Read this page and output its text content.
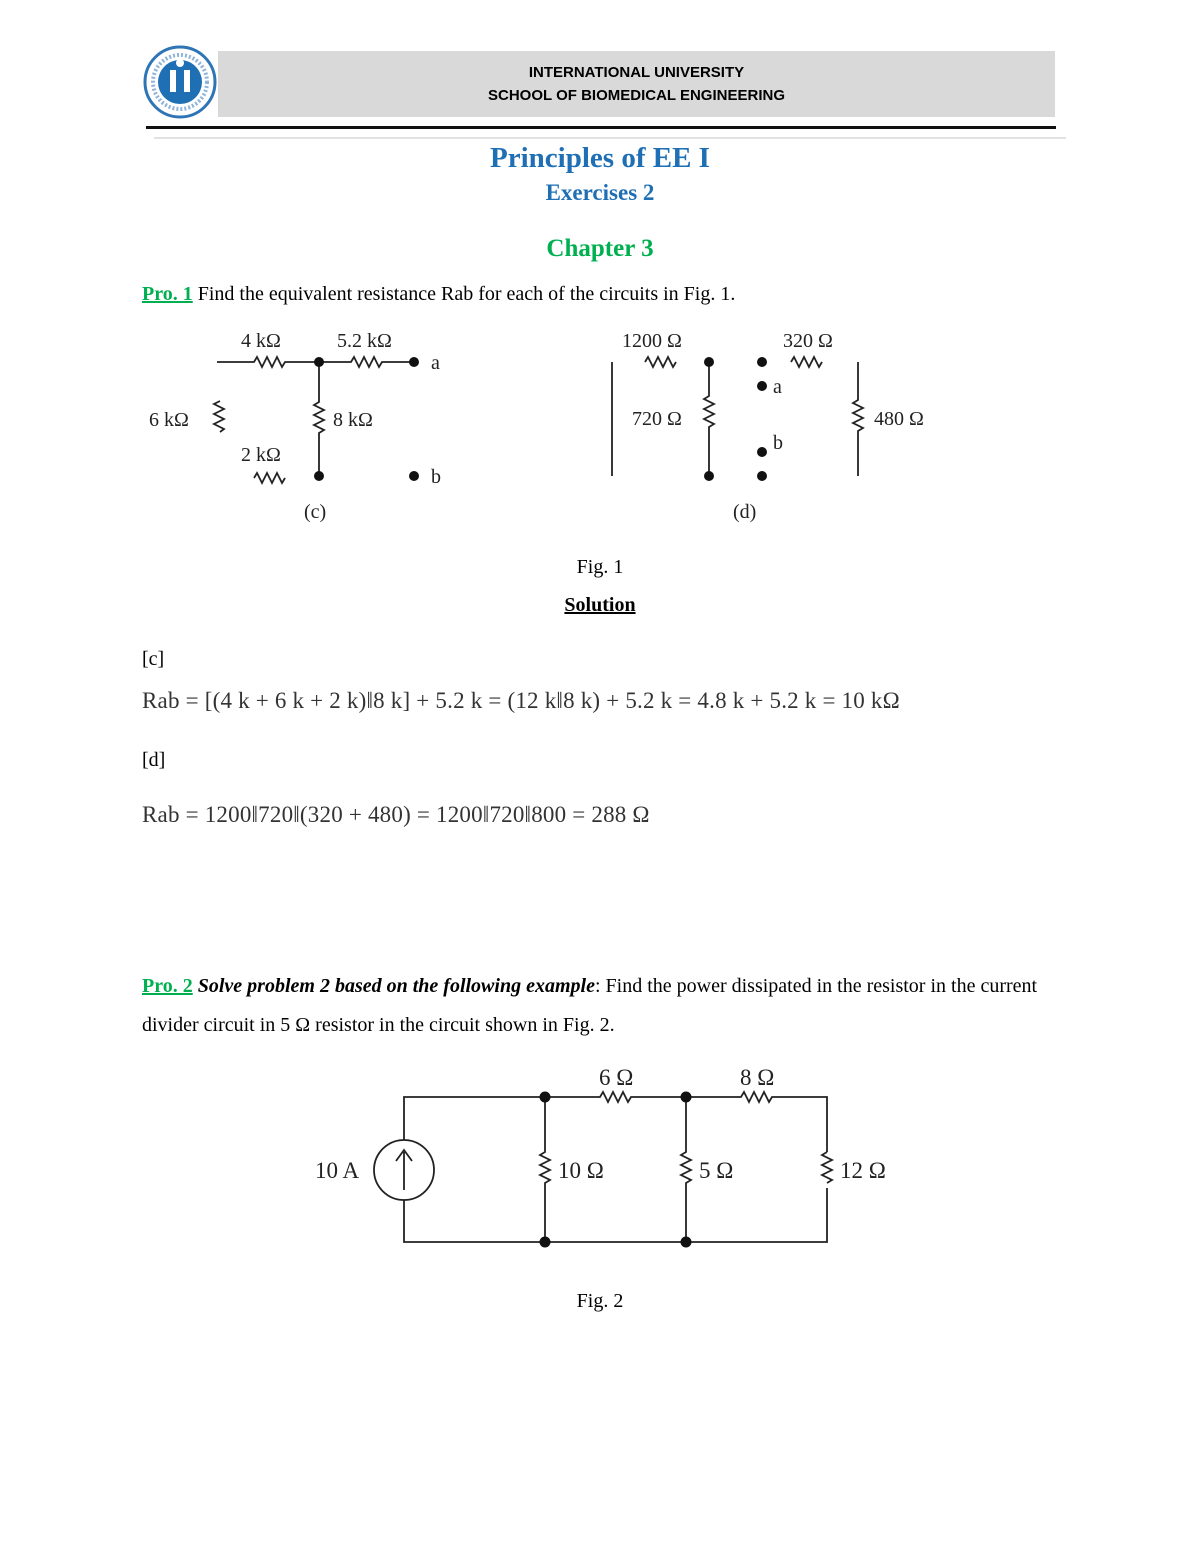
INTERNATIONAL UNIVERSITY
SCHOOL OF BIOMEDICAL ENGINEERING
Principles of EE I
Exercises 2
Chapter 3
Pro. 1 Find the equivalent resistance Rab for each of the circuits in Fig. 1.
4 kΩ	5.2 kΩ
a
6 kΩ	8 kΩ
2 kΩ
b
(c)
1200 Ω	320 Ω
a
720 Ω	480 Ω
b
(d)
Fig. 1
Solution
[c]
Rab = [(4 k + 6 k + 2 k)‖8 k] + 5.2 k = (12 k‖8 k) + 5.2 k = 4.8 k + 5.2 k = 10 kΩ
[d]
Rab = 1200‖720‖(320 + 480) = 1200‖720‖800 = 288 Ω
Pro. 2 Solve problem 2 based on the following example: Find the power dissipated in the resistor in the current divider circuit in 5 Ω resistor in the circuit shown in Fig. 2.
10 A
6 Ω	8 Ω
10 Ω	5 Ω	12 Ω
Fig. 2
